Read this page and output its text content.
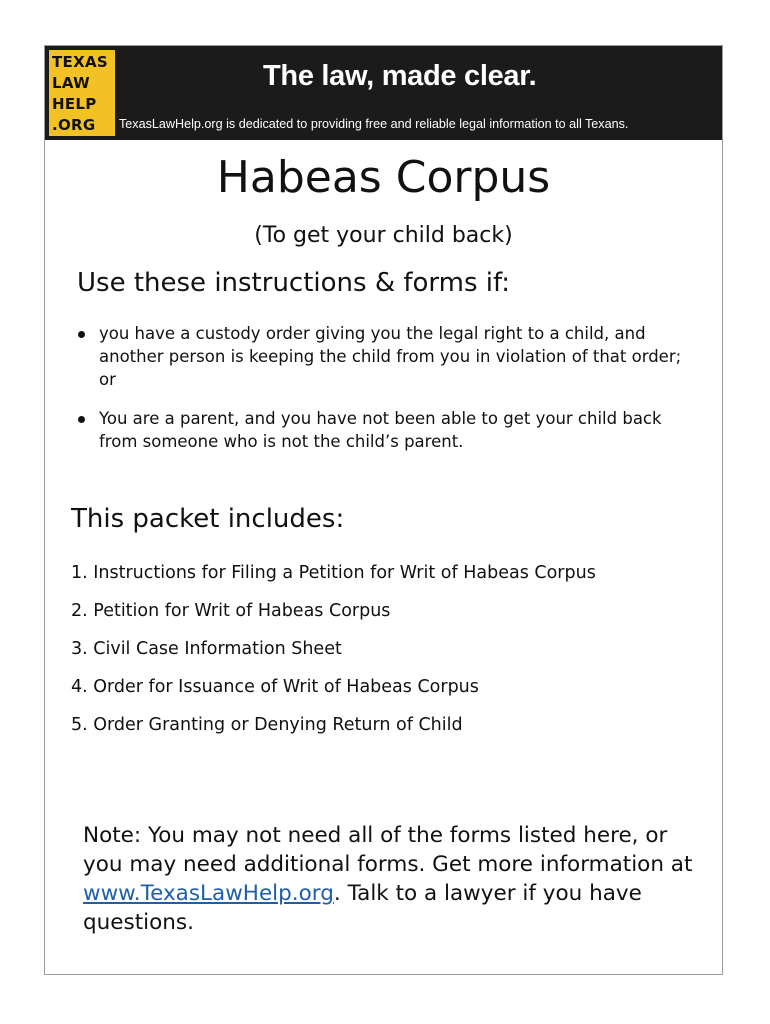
TEXAS
LAW
HELP
.ORG
The law, made clear.
TexasLawHelp.org is dedicated to providing free and reliable legal information to all Texans.
Habeas Corpus
(To get your child back)
Use these instructions & forms if:
you have a custody order giving you the legal right to a child, and another person is keeping the child from you in violation of that order; or
You are a parent, and you have not been able to get your child back from someone who is not the child’s parent.
This packet includes:
1. Instructions for Filing a Petition for Writ of Habeas Corpus
2. Petition for Writ of Habeas Corpus
3. Civil Case Information Sheet
4. Order for Issuance of Writ of Habeas Corpus
5. Order Granting or Denying Return of Child
Note: You may not need all of the forms listed here, or you may need additional forms. Get more information at www.TexasLawHelp.org. Talk to a lawyer if you have questions.
